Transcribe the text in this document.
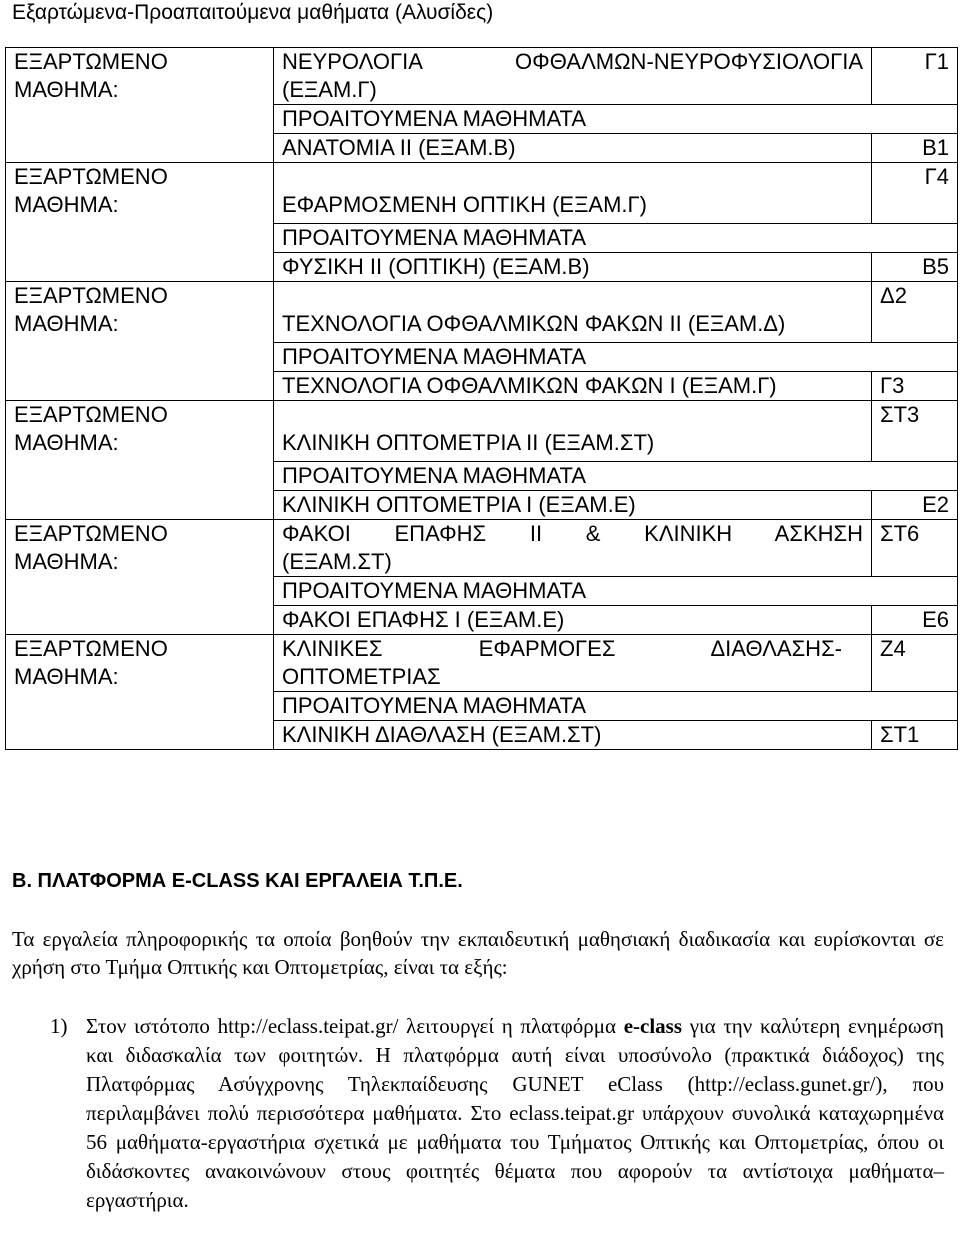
Εξαρτώμενα-Προαπαιτούμενα μαθήματα (Αλυσίδες)
ΕΞΑΡΤΩΜΕΝΟ
ΜΑΘΗΜΑ:	ΝΕΥΡΟΛΟΓΙΑ ΟΦΘΑΛΜΩΝ-ΝΕΥΡΟΦΥΣΙΟΛΟΓΙΑ (ΕΞΑΜ.Γ)	Γ1
	ΠΡΟΑΙΤΟΥΜΕΝΑ ΜΑΘΗΜΑΤΑ	
	ΑΝΑΤΟΜΙΑ ΙΙ (ΕΞΑΜ.Β)	Β1

ΕΞΑΡΤΩΜΕΝΟ
ΜΑΘΗΜΑ:	ΕΦΑΡΜΟΣΜΕΝΗ ΟΠΤΙΚΗ (ΕΞΑΜ.Γ)	Γ4
	ΠΡΟΑΙΤΟΥΜΕΝΑ ΜΑΘΗΜΑΤΑ	
	ΦΥΣΙΚΗ ΙΙ (ΟΠΤΙΚΗ) (ΕΞΑΜ.Β)	Β5

ΕΞΑΡΤΩΜΕΝΟ
ΜΑΘΗΜΑ:	ΤΕΧΝΟΛΟΓΙΑ ΟΦΘΑΛΜΙΚΩΝ ΦΑΚΩΝ ΙΙ (ΕΞΑΜ.Δ)	Δ2
	ΠΡΟΑΙΤΟΥΜΕΝΑ ΜΑΘΗΜΑΤΑ	
	ΤΕΧΝΟΛΟΓΙΑ ΟΦΘΑΛΜΙΚΩΝ ΦΑΚΩΝ Ι (ΕΞΑΜ.Γ)	Γ3

ΕΞΑΡΤΩΜΕΝΟ
ΜΑΘΗΜΑ:	ΚΛΙΝΙΚΗ ΟΠΤΟΜΕΤΡΙΑ ΙΙ (ΕΞΑΜ.ΣΤ)	ΣΤ3
	ΠΡΟΑΙΤΟΥΜΕΝΑ ΜΑΘΗΜΑΤΑ	
	ΚΛΙΝΙΚΗ ΟΠΤΟΜΕΤΡΙΑ Ι (ΕΞΑΜ.Ε)	Ε2

ΕΞΑΡΤΩΜΕΝΟ
ΜΑΘΗΜΑ:	ΦΑΚΟΙ ΕΠΑΦΗΣ ΙΙ & ΚΛΙΝΙΚΗ ΑΣΚΗΣΗ (ΕΞΑΜ.ΣΤ)	ΣΤ6
	ΠΡΟΑΙΤΟΥΜΕΝΑ ΜΑΘΗΜΑΤΑ	
	ΦΑΚΟΙ ΕΠΑΦΗΣ Ι (ΕΞΑΜ.Ε)	Ε6

ΕΞΑΡΤΩΜΕΝΟ
ΜΑΘΗΜΑ:	ΚΛΙΝΙΚΕΣ ΕΦΑΡΜΟΓΕΣ ΔΙΑΘΛΑΣΗΣ-ΟΠΤΟΜΕΤΡΙΑΣ	Ζ4
	ΠΡΟΑΙΤΟΥΜΕΝΑ ΜΑΘΗΜΑΤΑ	
	ΚΛΙΝΙΚΗ ΔΙΑΘΛΑΣΗ (ΕΞΑΜ.ΣΤ)	ΣΤ1
Β. ΠΛΑΤΦΟΡΜΑ E-CLASS ΚΑΙ ΕΡΓΑΛΕΙΑ Τ.Π.Ε.
Τα εργαλεία πληροφορικής τα οποία βοηθούν την εκπαιδευτική μαθησιακή διαδικασία και ευρίσκονται σε χρήση στο Τμήμα Οπτικής και Οπτομετρίας, είναι τα εξής:
1) Στον ιστότοπο http://eclass.teipat.gr/ λειτουργεί η πλατφόρμα e-class για την καλύτερη ενημέρωση και διδασκαλία των φοιτητών. Η πλατφόρμα αυτή είναι υποσύνολο (πρακτικά διάδοχος) της Πλατφόρμας Ασύγχρονης Τηλεκπαίδευσης GUNET eClass (http://eclass.gunet.gr/), που περιλαμβάνει πολύ περισσότερα μαθήματα. Στο eclass.teipat.gr υπάρχουν συνολικά καταχωρημένα 56 μαθήματα-εργαστήρια σχετικά με μαθήματα του Τμήματος Οπτικής και Οπτομετρίας, όπου οι διδάσκοντες ανακοινώνουν στους φοιτητές θέματα που αφορούν τα αντίστοιχα μαθήματα–εργαστήρια.
